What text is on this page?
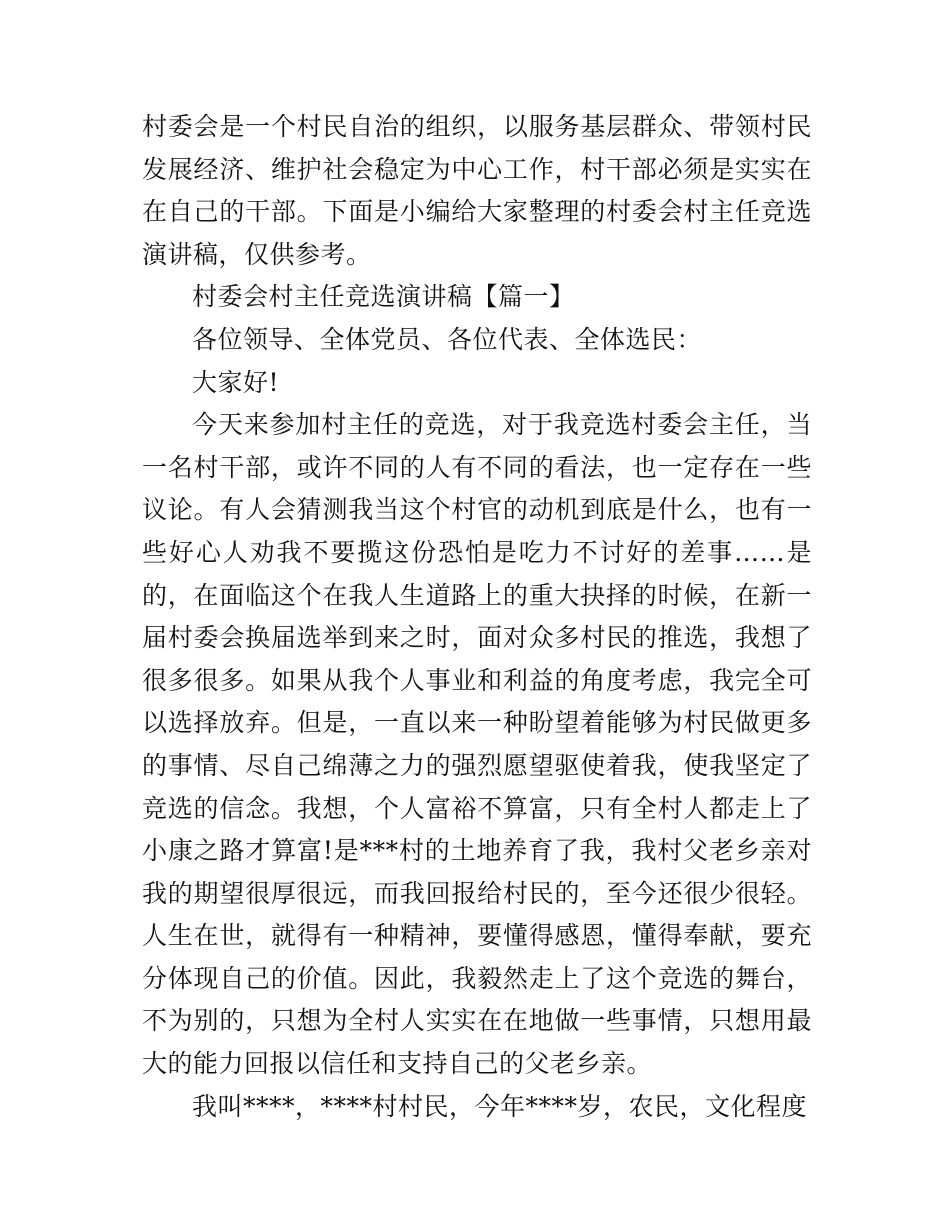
村委会是一个村民自治的组织，以服务基层群众、带领村民发展经济、维护社会稳定为中心工作，村干部必须是实实在在自己的干部。下面是小编给大家整理的村委会村主任竞选演讲稿，仅供参考。

村委会村主任竞选演讲稿【篇一】

各位领导、全体党员、各位代表、全体选民：

大家好!

今天来参加村主任的竞选，对于我竞选村委会主任，当一名村干部，或许不同的人有不同的看法，也一定存在一些议论。有人会猜测我当这个村官的动机到底是什么，也有一些好心人劝我不要揽这份恐怕是吃力不讨好的差事……是的，在面临这个在我人生道路上的重大抉择的时候，在新一届村委会换届选举到来之时，面对众多村民的推选，我想了很多很多。如果从我个人事业和利益的角度考虑，我完全可以选择放弃。但是，一直以来一种盼望着能够为村民做更多的事情、尽自己绵薄之力的强烈愿望驱使着我，使我坚定了竞选的信念。我想，个人富裕不算富，只有全村人都走上了小康之路才算富!是***村的土地养育了我，我村父老乡亲对我的期望很厚很远，而我回报给村民的，至今还很少很轻。人生在世，就得有一种精神，要懂得感恩，懂得奉献，要充分体现自己的价值。因此，我毅然走上了这个竞选的舞台，不为别的，只想为全村人实实在在地做一些事情，只想用最大的能力回报以信任和支持自己的父老乡亲。

我叫****，****村村民，今年****岁，农民，文化程度
